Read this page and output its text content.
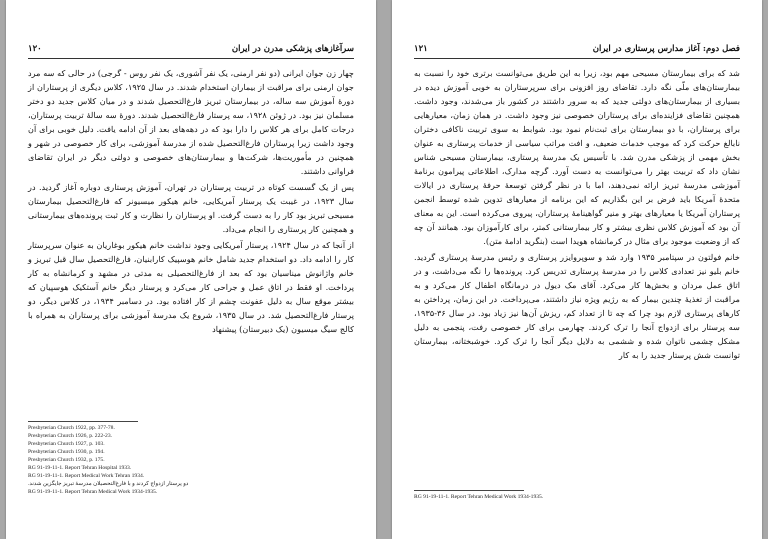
۱۲۰	سرآغازهای پزشکی مدرن در ایران

چهار زن جوان ایرانی (دو نفر ارمنی، یک نفر آشوری، یک نفر روس - گرجی) در حالی که سه مرد جوان ارمنی برای مراقبت از بیماران استخدام شدند. در سال ۱۹۲۵، کلاس دیگری از پرستاران از دورهٔ آموزش سه ساله، در بیمارستان تبریز فارغ‌التحصیل شدند و در میان کلاس جدید دو دختر مسلمان نیز بود. در ژوئن ۱۹۲۸، سه پرستار فارغ‌التحصیل شدند. دورهٔ سه سالهٔ تربیت پرستاران، درجات کامل برای هر کلاس را دارا بود که در دهه‌های بعد از آن ادامه یافت. دلیل خوبی برای آن وجود داشت زیرا پرستاران فارغ‌التحصیل شده از مدرسهٔ آموزشی، برای کار خصوصی در شهر و همچنین در مأموریت‌ها، شرکت‌ها و بیمارستان‌های خصوصی و دولتی دیگر در ایران تقاضای فراوانی داشتند.

پس از یک گسست کوتاه در تربیت پرستاران در تهران، آموزش پرستاری دوباره آغاز گردید. در سال ۱۹۲۳، در غیبت یک پرستار آمریکایی، خانم هیکور میسیونر که فارغ‌التحصیل بیمارستان مسیحی تبریز بود کار را به دست گرفت. او پرستاران را نظارت و کار ثبت پرونده‌های بیمارستانی و همچنین کار پرستاری را انجام می‌داد.

از آنجا که در سال ۱۹۲۴، پرستار آمریکایی وجود نداشت خانم هیکور بوغاریان به عنوان سرپرستار کار را ادامه داد. دو استخدام جدید شامل خانم هوسپیک کارابنیان، فارغ‌التحصیل سال قبل تبریز و خانم واژانوش میناسیان بود که بعد از فارغ‌التحصیلی به مدتی در مشهد و کرمانشاه به کار پرداخت. او فقط در اتاق عمل و جراحی کار می‌کرد و پرستار دیگر خانم آستکیک هوسپیان که بیشتر موقع سال به دلیل عفونت چشم از کار افتاده بود. در دسامبر ۱۹۳۴، در کلاس دیگر، دو پرستار فارغ‌التحصیل شد. در سال ۱۹۳۵، شروع یک مدرسهٔ آموزشی برای پرستاران به همراه با کالج سیگ میسیون (یک دبیرستان) پیشنهاد

Presbyterian Church 1922, pp. 377-78.
Presbyterian Church 1926, p. 222-23.
Presbyterian Church 1927, p. 103.
Presbyterian Church 1930, p. 194.
Presbyterian Church 1932, p. 175.
RG 91-19-11-1. Report Tehran Hospital 1933.
RG 91-19-11-1. Report Medical Work Tehran 1934.
دو پرستار ازدواج کردند و با فارغ‌التحصیلان مدرسهٔ تبریز جایگزین شدند.
RG 91-19-11-1. Report Tehran Medical Work 1934-1935.
۱۲۱	فصل دوم: آغاز مدارس پرستاری در ایران

شد که برای بیمارستان مسیحی مهم بود، زیرا به این طریق می‌توانست برتری خود را نسبت به بیمارستان‌های ملّی نگه دارد. تقاضای روز افزونی برای سرپرستاران به خوبی آموزش دیده در بسیاری از بیمارستان‌های دولتی جدید که به سرور داشتند در کشور باز می‌شدند، وجود داشت. همچنین تقاضای فزاینده‌ای برای پرستاران خصوصی نیز وجود داشت. در همان زمان، معیارهایی برای پرستاران، با دو بیمارستان برای ثبت‌نام نمود بود. شوابط به سوی تربیت ناکافی دختران نابالغ حرکت کرد که موجب خدمات ضعیف، و افت مراتب سیاسی از خدمات پرستاری به عنوان بخش مهمی از پزشکی مدرن شد. با تأسیس یک مدرسهٔ پرستاری، بیمارستان مسیحی شناس نشان داد که تربیت بهتر را می‌توانست به دست آورد. گرچه مدارک، اطلاعاتی پیرامون برنامهٔ آموزشی مدرسهٔ تبریز ارائه نمی‌دهند، اما با در نظر گرفتن توسعهٔ حرفهٔ پرستاری در ایالات متحدهٔ آمریکا باید فرض بر این بگذاریم که این برنامه از معیارهای تدوین شده توسط انجمن پرستاران آمریکا یا معیارهای بهتر و منیر گواهینامهٔ پرستاران، پیروی می‌کرده است. این به معنای آن بود که آموزش کلاس نظری بیشتر و کار بیمارستانی کمتر، برای کارآموزان بود. همانند آن چه که از وضعیت موجود برای مثال در کرمانشاه هویدا است (بنگرید ادامهٔ متن).

خانم فولتون در سپتامبر ۱۹۳۵ وارد شد و سوپروایزر پرستاری و رئیس مدرسهٔ پرستاری گردید. خانم بلیو نیز تعدادی کلاس را در مدرسهٔ پرستاری تدریس کرد. پرونده‌ها را نگه می‌داشت، و در اتاق عمل مردان و بخش‌ها کار می‌کرد. آقای مک دیول در درمانگاه اطفال کار می‌کرد و به مراقبت از تغذیهٔ چندین بیمار که به رژیم ویژه نیاز داشتند، می‌پرداخت. در این زمان، پرداختن به کارهای پرستاری لازم بود چرا که چه تا از تعداد کم، ریزش آن‌ها نیز زیاد بود. در سال ۳۶-۱۹۳۵، سه پرستار برای ازدواج آنجا را ترک کردند. چهارمی برای کار خصوصی رفت، پنجمی به دلیل مشکل چشمی ناتوان شده و ششمی به دلایل دیگر آنجا را ترک کرد. خوشبختانه، بیمارستان توانست شش پرستار جدید را به کار

RG 91-19-11-1. Report Tehran Medical Work 1934-1935.
